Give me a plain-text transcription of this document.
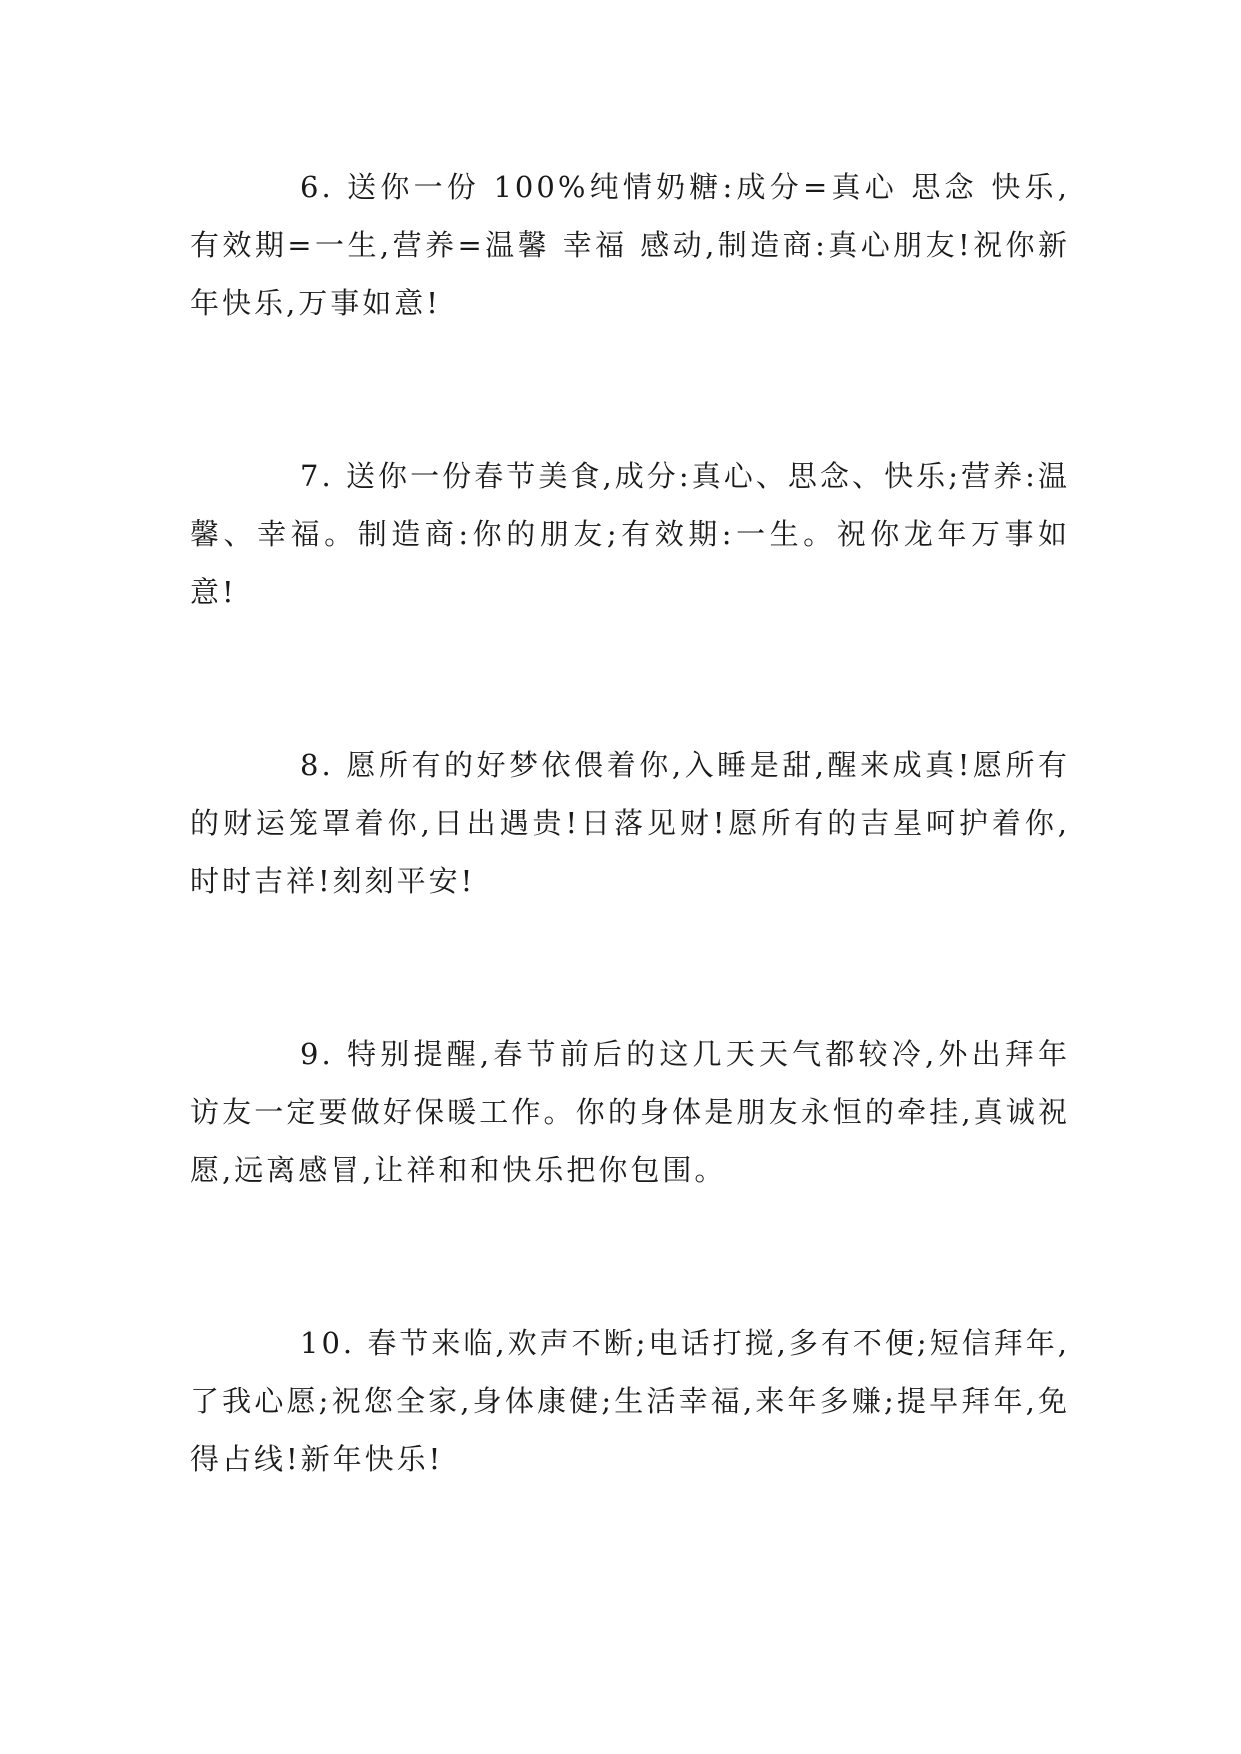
6. 送你一份 100%纯情奶糖:成分=真心 思念 快乐,有效期=一生,营养=温馨 幸福 感动,制造商:真心朋友!祝你新年快乐,万事如意!

7. 送你一份春节美食,成分:真心、思念、快乐;营养:温馨、幸福。制造商:你的朋友;有效期:一生。祝你龙年万事如意!

8. 愿所有的好梦依偎着你,入睡是甜,醒来成真!愿所有的财运笼罩着你,日出遇贵!日落见财!愿所有的吉星呵护着你,时时吉祥!刻刻平安!

9. 特别提醒,春节前后的这几天天气都较冷,外出拜年访友一定要做好保暖工作。你的身体是朋友永恒的牵挂,真诚祝愿,远离感冒,让祥和和快乐把你包围。

10. 春节来临,欢声不断;电话打搅,多有不便;短信拜年,了我心愿;祝您全家,身体康健;生活幸福,来年多赚;提早拜年,免得占线!新年快乐!
